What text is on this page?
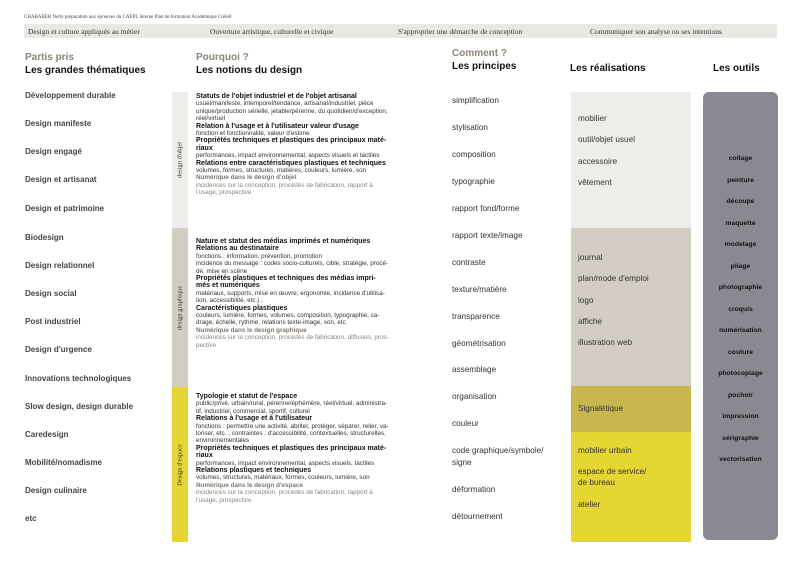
CHABABER Nelly préparation aux épreuves du CAEPL interne Plan de formation Académique Créteil
Design et culture appliqués au métier	Ouverture artistique, culturelle et civique	S'approprier une démarche de conception	Communiquer son analyse ou ses intentions
Partis pris
Les grandes thématiques
Pourquoi ?
Les notions du design
Comment ?
Les principes	Les réalisations	Les outils
Développement durable
Design manifeste
Design engagé
Design et artisanat
Design et patrimoine
Biodesign
Design relationnel
Design social
Post industriel
Design d'urgence
Innovations technologiques
Slow design, design durable
Caredesign
Mobilité/nomadisme
Design culinaire
etc
design d'objet
design graphique
Design d'espace
Statuts de l'objet industriel et de l'objet artisanal
usuel/manifeste, intemporel/tendance, artisanal/industriel, pièce
unique/production sérielle, jetable/pérenne, du quotidien/d'exception,
réel/virtuel
Relation à l'usage et à l'utilisateur valeur d'usage
fonction et fonctionnalité, valeur d'estime
Propriétés techniques et plastiques des principaux maté-
riaux
performances, impact environnemental, aspects visuels et tactiles
Relations entre caractéristiques plastiques et techniques
volumes, formes, structures, matières, couleurs, lumière, son
Numérique dans le design d'objet
incidences sur la conception, procédés de fabrication, rapport à
l'usage, prospective
Nature et statut des médias imprimés et numériques
Relations au destinataire
fonctions : information, prévention, promotion
incidence du message : codes socio-culturels, cible, stratégie, procé-
dé, mise en scène
Propriétés plastiques et techniques des médias impri-
més et numériques
matériaux, supports, mise en œuvre, ergonomie, incidence d'utilisa-
tion, accessibilité, etc.) ;
Caractéristiques plastiques
couleurs, lumière, formes, volumes, composition, typographie, ca-
drage, échelle, rythme, relations texte-image, son, etc
Numérique dans le design graphique
incidences sur la conception, procédés de fabrication, diffusion, pros-
pective
Typologie et statut de l'espace
public/privé, urbain/rural, pérenne/éphémère, réel/virtuel, administra-
tif, industriel, commercial, sportif, culturel
Relations à l'usage et à l'utilisateur
fonctions : permettre une activité, abriter, protéger, séparer, relier, va-
loriser, etc. ; contraintes : d'accessibilité, contextuelles, structurelles,
environnementales
Propriétés techniques et plastiques des principaux maté-
riaux
performances, impact environnemental, aspects visuels, tactiles
Relations plastiques et techniques
volumes, structures, matériaux, formes, couleurs, lumière, son
Numérique dans le design d'espace
incidences sur la conception, procédés de fabrication, rapport à
l'usage, prospective
simplification
stylisation
composition
typographie
rapport fond/forme
rapport texte/image
contraste
texture/matière
transparence
géométrisation
assemblage
organisation
couleur
code graphique/symbole/
signe
déformation
détournement
mobilier
outil/objet usuel
accessoire
vêtement
journal
plan/mode d'emploi
logo
affiche
illustration web
Signalétique
mobilier urbain
espace de service/
de bureau
atelier
collage
peinture
découpe
maquette
modelage
pliage
photographie
croquis
numérisation
couture
photocopiage
pochoir
impression
sérigraphie
vectorisation
